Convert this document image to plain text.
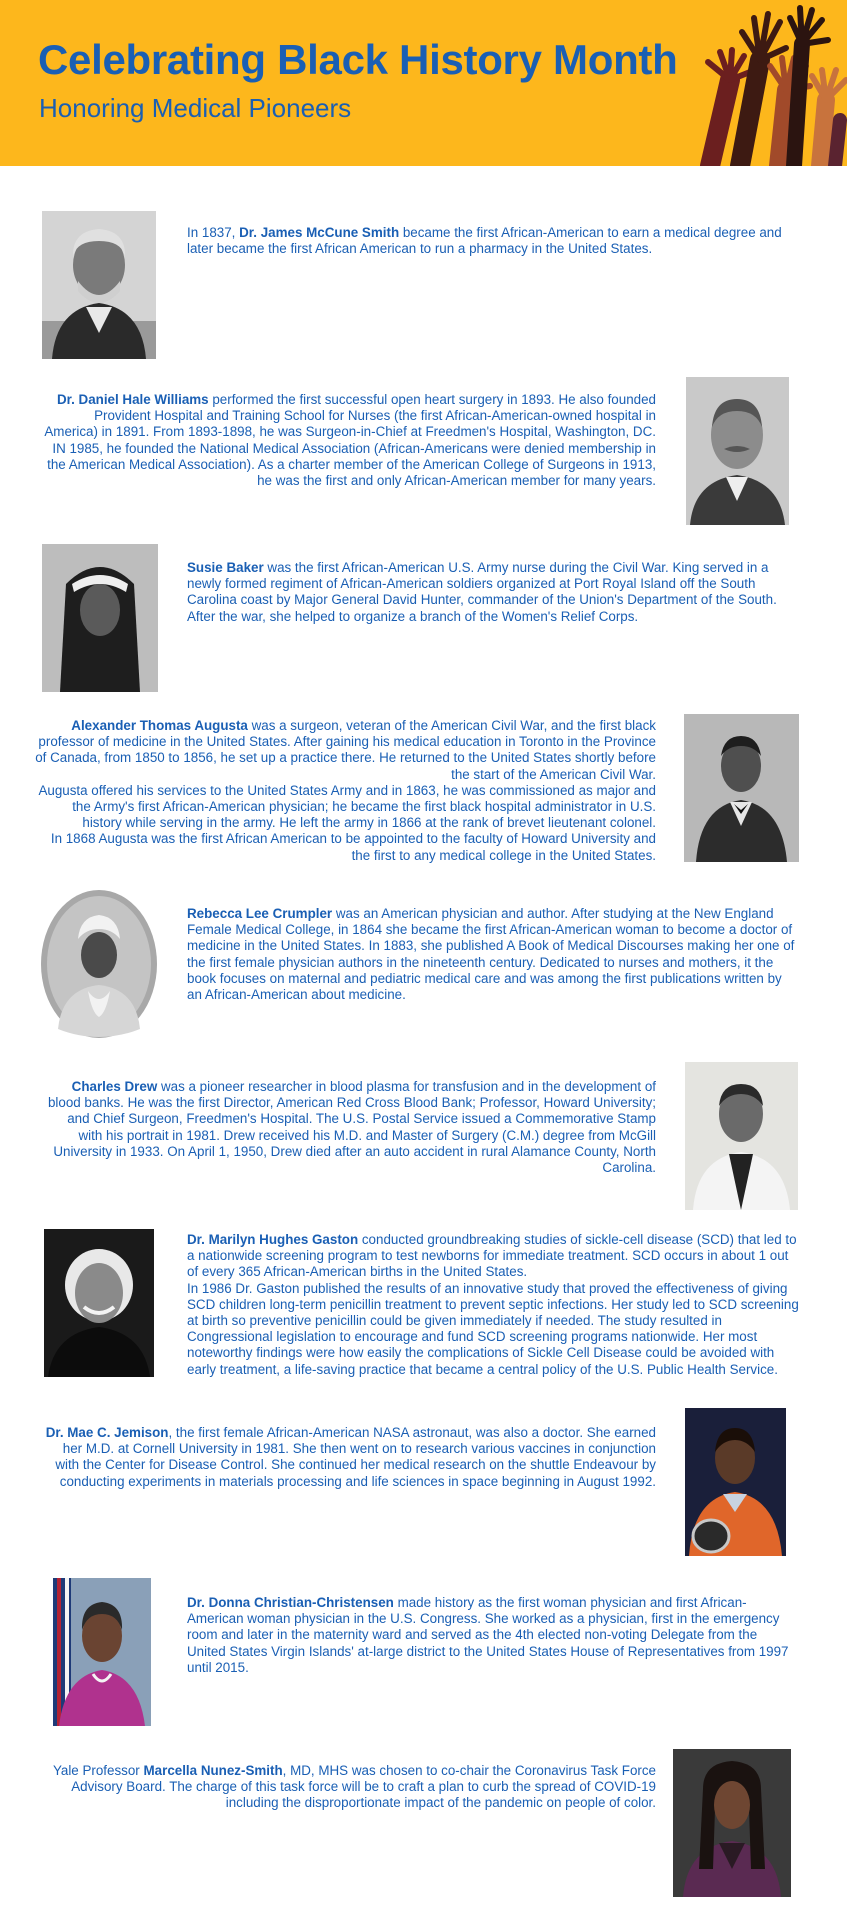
Celebrating Black History Month
Honoring Medical Pioneers

In 1837, Dr. James McCune Smith became the first African-American to earn a medical degree and later became the first African American to run a pharmacy in the United States.

Dr. Daniel Hale Williams performed the first successful open heart surgery in 1893. He also founded Provident Hospital and Training School for Nurses (the first African-American-owned hospital in America) in 1891. From 1893-1898, he was Surgeon-in-Chief at Freedmen's Hospital, Washington, DC. IN 1985, he founded the National Medical Association (African-Americans were denied membership in the American Medical Association). As a charter member of the American College of Surgeons in 1913, he was the first and only African-American member for many years.

Susie Baker was the first African-American U.S. Army nurse during the Civil War. King served in a newly formed regiment of African-American soldiers organized at Port Royal Island off the South Carolina coast by Major General David Hunter, commander of the Union's Department of the South. After the war, she helped to organize a branch of the Women's Relief Corps.

Alexander Thomas Augusta was a surgeon, veteran of the American Civil War, and the first black professor of medicine in the United States. After gaining his medical education in Toronto in the Province of Canada, from 1850 to 1856, he set up a practice there. He returned to the United States shortly before the start of the American Civil War.

Augusta offered his services to the United States Army and in 1863, he was commissioned as major and the Army's first African-American physician; he became the first black hospital administrator in U.S. history while serving in the army. He left the army in 1866 at the rank of brevet lieutenant colonel.

In 1868 Augusta was the first African American to be appointed to the faculty of Howard University and the first to any medical college in the United States.

Rebecca Lee Crumpler was an American physician and author. After studying at the New England Female Medical College, in 1864 she became the first African-American woman to become a doctor of medicine in the United States. In 1883, she published A Book of Medical Discourses making her one of the first female physician authors in the nineteenth century. Dedicated to nurses and mothers, it the book focuses on maternal and pediatric medical care and was among the first publications written by an African-American about medicine.

Charles Drew was a pioneer researcher in blood plasma for transfusion and in the development of blood banks. He was the first Director, American Red Cross Blood Bank; Professor, Howard University; and Chief Surgeon, Freedmen's Hospital. The U.S. Postal Service issued a Commemorative Stamp with his portrait in 1981. Drew received his M.D. and Master of Surgery (C.M.) degree from McGill University in 1933. On April 1, 1950, Drew died after an auto accident in rural Alamance County, North Carolina.

Dr. Marilyn Hughes Gaston conducted groundbreaking studies of sickle-cell disease (SCD) that led to a nationwide screening program to test newborns for immediate treatment. SCD occurs in about 1 out of every 365 African-American births in the United States.

In 1986 Dr. Gaston published the results of an innovative study that proved the effectiveness of giving SCD children long-term penicillin treatment to prevent septic infections. Her study led to SCD screening at birth so preventive penicillin could be given immediately if needed. The study resulted in Congressional legislation to encourage and fund SCD screening programs nationwide. Her most noteworthy findings were how easily the complications of Sickle Cell Disease could be avoided with early treatment, a life-saving practice that became a central policy of the U.S. Public Health Service.

Dr. Mae C. Jemison, the first female African-American NASA astronaut, was also a doctor. She earned her M.D. at Cornell University in 1981. She then went on to research various vaccines in conjunction with the Center for Disease Control. She continued her medical research on the shuttle Endeavour by conducting experiments in materials processing and life sciences in space beginning in August 1992.

Dr. Donna Christian-Christensen made history as the first woman physician and first African-American woman physician in the U.S. Congress. She worked as a physician, first in the emergency room and later in the maternity ward and served as the 4th elected non-voting Delegate from the United States Virgin Islands' at-large district to the United States House of Representatives from 1997 until 2015.

Yale Professor Marcella Nunez-Smith, MD, MHS was chosen to co-chair the Coronavirus Task Force Advisory Board. The charge of this task force will be to craft a plan to curb the spread of COVID-19 including the disproportionate impact of the pandemic on people of color.
